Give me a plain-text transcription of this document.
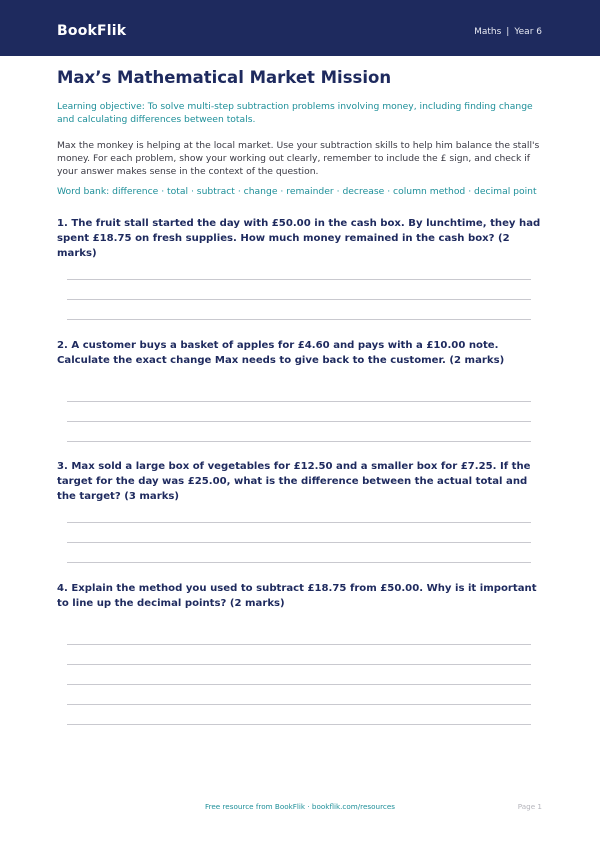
BookFlik	Maths | Year 6
Max’s Mathematical Market Mission
Learning objective: To solve multi-step subtraction problems involving money, including finding change and calculating differences between totals.
Max the monkey is helping at the local market. Use your subtraction skills to help him balance the stall's money. For each problem, show your working out clearly, remember to include the £ sign, and check if your answer makes sense in the context of the question.
Word bank: difference · total · subtract · change · remainder · decrease · column method · decimal point
1. The fruit stall started the day with £50.00 in the cash box. By lunchtime, they had spent £18.75 on fresh supplies. How much money remained in the cash box? (2 marks)
2. A customer buys a basket of apples for £4.60 and pays with a £10.00 note. Calculate the exact change Max needs to give back to the customer. (2 marks)
3. Max sold a large box of vegetables for £12.50 and a smaller box for £7.25. If the target for the day was £25.00, what is the difference between the actual total and the target? (3 marks)
4. Explain the method you used to subtract £18.75 from £50.00. Why is it important to line up the decimal points? (2 marks)
Free resource from BookFlik · bookflik.com/resources	Page 1
